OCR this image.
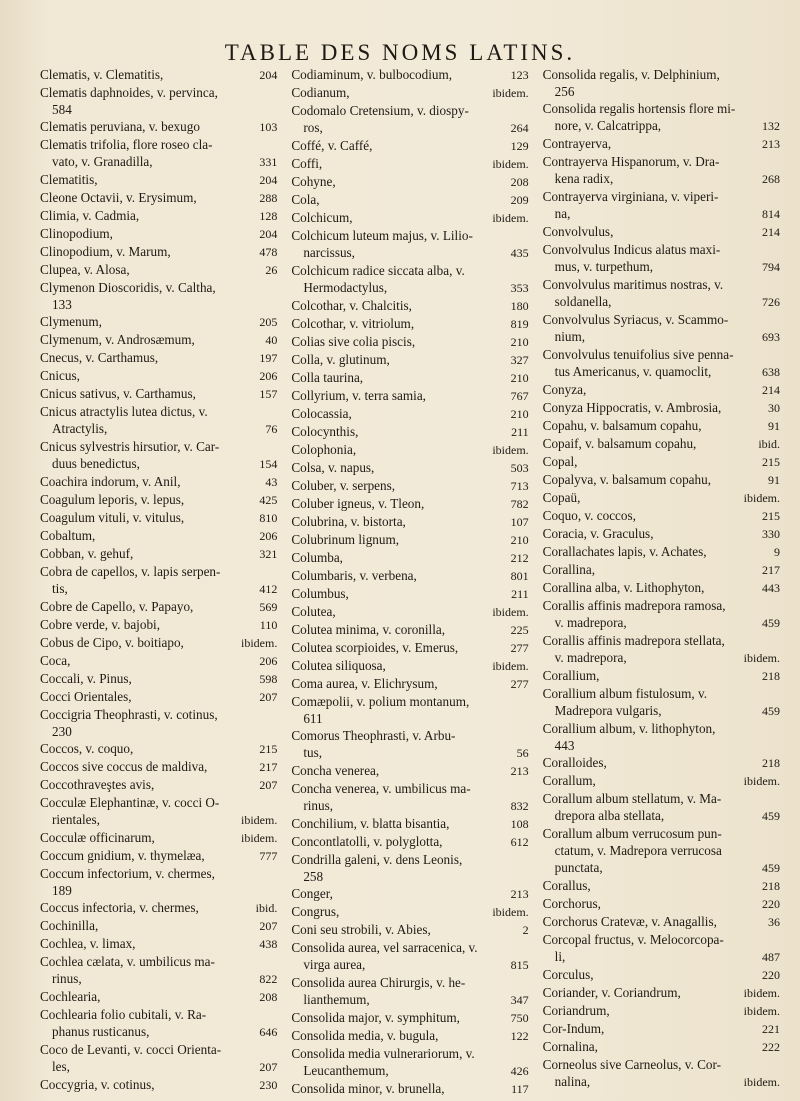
TABLE DES NOMS LATINS.
Clematis, v. Clematitis,	204
Clematis daphnoides, v. pervinca,
584
Clematis peruviana, v. bexugo	103
Clematis trifolia, flore roseo cla-
vato, v. Granadilla,	331
Clematitis,	204
Cleone Octavii, v. Erysimum,	288
Climia, v. Cadmia,	128
Clinopodium,	204
Clinopodium, v. Marum,	478
Clupea, v. Alosa,	26
Clymenon Dioscoridis, v. Caltha,
133
Clymenum,	205
Clymenum, v. Androsæmum,	40
Cnecus, v. Carthamus,	197
Cnicus,	206
Cnicus sativus, v. Carthamus,	157
Cnicus atractylis lutea dictus, v.
Atractylis,	76
Cnicus sylvestris hirsutior, v. Car-
duus benedictus,	154
Coachira indorum, v. Anil,	43
Coagulum leporis, v. lepus,	425
Coagulum vituli, v. vitulus,	810
Cobaltum,	206
Cobban, v. gehuf,	321
Cobra de capellos, v. lapis serpen-
tis,	412
Cobre de Capello, v. Papayo,	569
Cobre verde, v. bajobi,	110
Cobus de Cipo, v. boitiapo,	ibidem.
Coca,	206
Coccali, v. Pinus,	598
Cocci Orientales,	207
Coccigria Theophrasti, v. cotinus,
230
Coccos, v. coquo,	215
Coccos sive coccus de maldiva,	217
Coccothraveştes avis,	207
Cocculæ Elephantinæ, v. cocci O-
rientales,	ibidem.
Cocculæ officinarum,	ibidem.
Coccum gnidium, v. thymelæa,	777
Coccum infectorium, v. chermes,
189
Coccus infectoria, v. chermes,	ibid.
Cochinilla,	207
Cochlea, v. limax,	438
Cochlea cælata, v. umbilicus ma-
rinus,	822
Cochlearia,	208
Cochlearia folio cubitali, v. Ra-
phanus rusticanus,	646
Coco de Levanti, v. cocci Orienta-
les,	207
Coccygria, v. cotinus,	230
Codiaminum, v. bulbocodium,	123
Codianum,	ibidem.
Codomalo Cretensium, v. diospy-
ros,	264
Coffé, v. Caffé,	129
Coffi,	ibidem.
Cohyne,	208
Cola,	209
Colchicum,	ibidem.
Colchicum luteum majus, v. Lilio-
narcissus,	435
Colchicum radice siccata alba, v.
Hermodactylus,	353
Colcothar, v. Chalcitis,	180
Colcothar, v. vitriolum,	819
Colias sive colia piscis,	210
Colla, v. glutinum,	327
Colla taurina,	210
Collyrium, v. terra samia,	767
Colocassia,	210
Colocynthis,	211
Colophonia,	ibidem.
Colsa, v. napus,	503
Coluber, v. serpens,	713
Coluber igneus, v. Tleon,	782
Colubrina, v. bistorta,	107
Colubrinum lignum,	210
Columba,	212
Columbaris, v. verbena,	801
Columbus,	211
Colutea,	ibidem.
Colutea minima, v. coronilla,	225
Colutea scorpioides, v. Emerus,	277
Colutea siliquosa,	ibidem.
Coma aurea, v. Elichrysum,	277
Comæpolii, v. polium montanum,
611
Comorus Theophrasti, v. Arbu-
tus,	56
Concha venerea,	213
Concha venerea, v. umbilicus ma-
rinus,	832
Conchilium, v. blatta bisantia,	108
Concontlatolli, v. polyglotta,	612
Condrilla galeni, v. dens Leonis,
258
Conger,	213
Congrus,	ibidem.
Coni seu strobili, v. Abies,	2
Consolida aurea, vel sarracenica, v.
virga aurea,	815
Consolida aurea Chirurgis, v. he-
lianthemum,	347
Consolida major, v. symphitum,	750
Consolida media, v. bugula,	122
Consolida media vulnerariorum, v.
Leucanthemum,	426
Consolida minor, v. brunella,	117
Consolida regalis, v. Delphinium,
256
Consolida regalis hortensis flore mi-
nore, v. Calcatrippa,	132
Contrayerva,	213
Contrayerva Hispanorum, v. Dra-
kena radix,	268
Contrayerva virginiana, v. viperi-
na,	814
Convolvulus,	214
Convolvulus Indicus alatus maxi-
mus, v. turpethum,	794
Convolvulus maritimus nostras, v.
soldanella,	726
Convolvulus Syriacus, v. Scammo-
nium,	693
Convolvulus tenuifolius sive penna-
tus Americanus, v. quamoclit,	638
Conyza,	214
Conyza Hippocratis, v. Ambrosia,	30
Copahu, v. balsamum copahu,	91
Copaif, v. balsamum copahu,	ibid.
Copal,	215
Copalyva, v. balsamum copahu,	91
Copaü,	ibidem.
Coquo, v. coccos,	215
Coracia, v. Graculus,	330
Corallachates lapis, v. Achates,	9
Corallina,	217
Corallina alba, v. Lithophyton,	443
Corallis affinis madrepora ramosa,
v. madrepora,	459
Corallis affinis madrepora stellata,
v. madrepora,	ibidem.
Corallium,	218
Corallium album fistulosum, v.
Madrepora vulgaris,	459
Corallium album, v. lithophyton,
443
Coralloides,	218
Corallum,	ibidem.
Corallum album stellatum, v. Ma-
drepora alba stellata,	459
Corallum album verrucosum pun-
ctatum, v. Madrepora verrucosa
punctata,	459
Corallus,	218
Corchorus,	220
Corchorus Cratevæ, v. Anagallis,	36
Corcopal fructus, v. Melocorcopa-
li,	487
Corculus,	220
Coriander, v. Coriandrum,	ibidem.
Coriandrum,	ibidem.
Cor-Indum,	221
Cornalina,	222
Corneolus sive Carneolus, v. Cor-
nalina,	ibidem.
